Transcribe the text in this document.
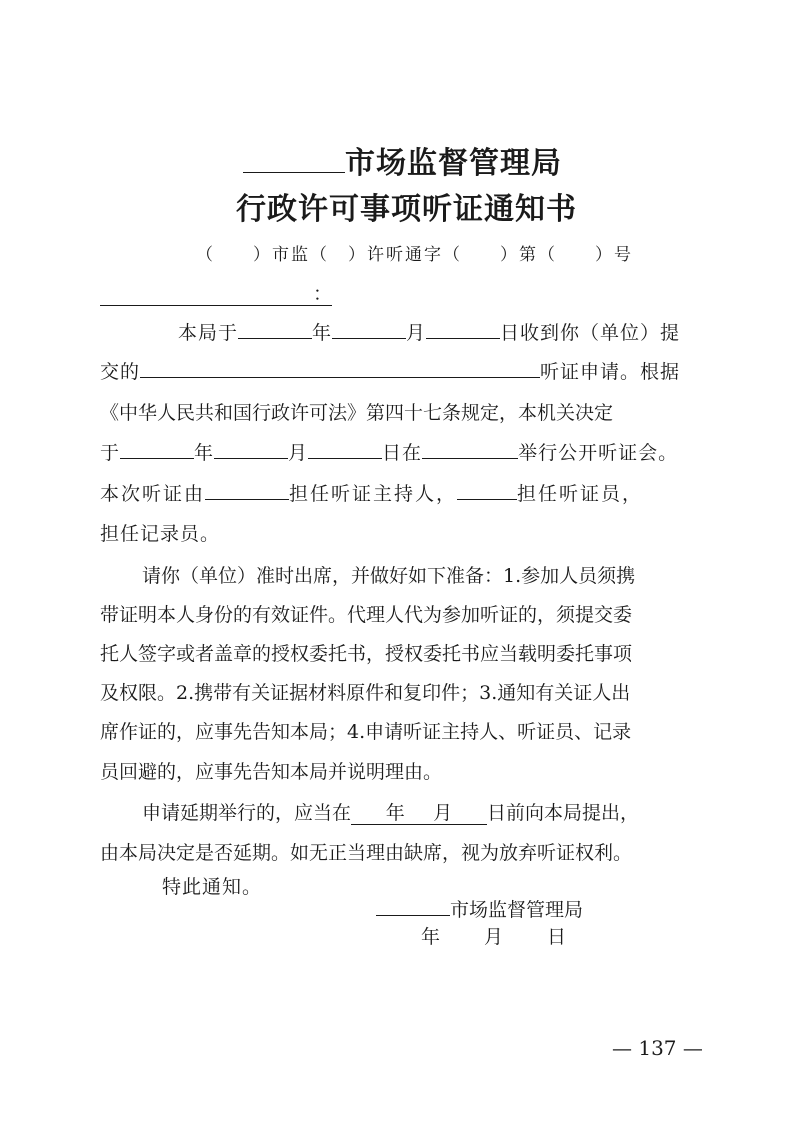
市场监督管理局
行政许可事项听证通知书
（　　）市监（　）许听通字（　　）第（　　）号
：
本局于	年	月	日收到你（单位）提
交的	听证申请。根据
《中华人民共和国行政许可法》第四十七条规定，本机关决定
于	年	月	日在	举行公开听证会。
本次听证由	担任听证主持人，	担任听证员，
担任记录员。
请你（单位）准时出席，并做好如下准备：1.参加人员须携
带证明本人身份的有效证件。代理人代为参加听证的，须提交委
托人签字或者盖章的授权委托书，授权委托书应当载明委托事项
及权限。2.携带有关证据材料原件和复印件；3.通知有关证人出
席作证的，应事先告知本局；4.申请听证主持人、听证员、记录
员回避的，应事先告知本局并说明理由。
申请延期举行的，应当在 年   月 日前向本局提出，
由本局决定是否延期。如无正当理由缺席，视为放弃听证权利。
特此通知。
市场监督管理局
年 月 日
— 137 —
